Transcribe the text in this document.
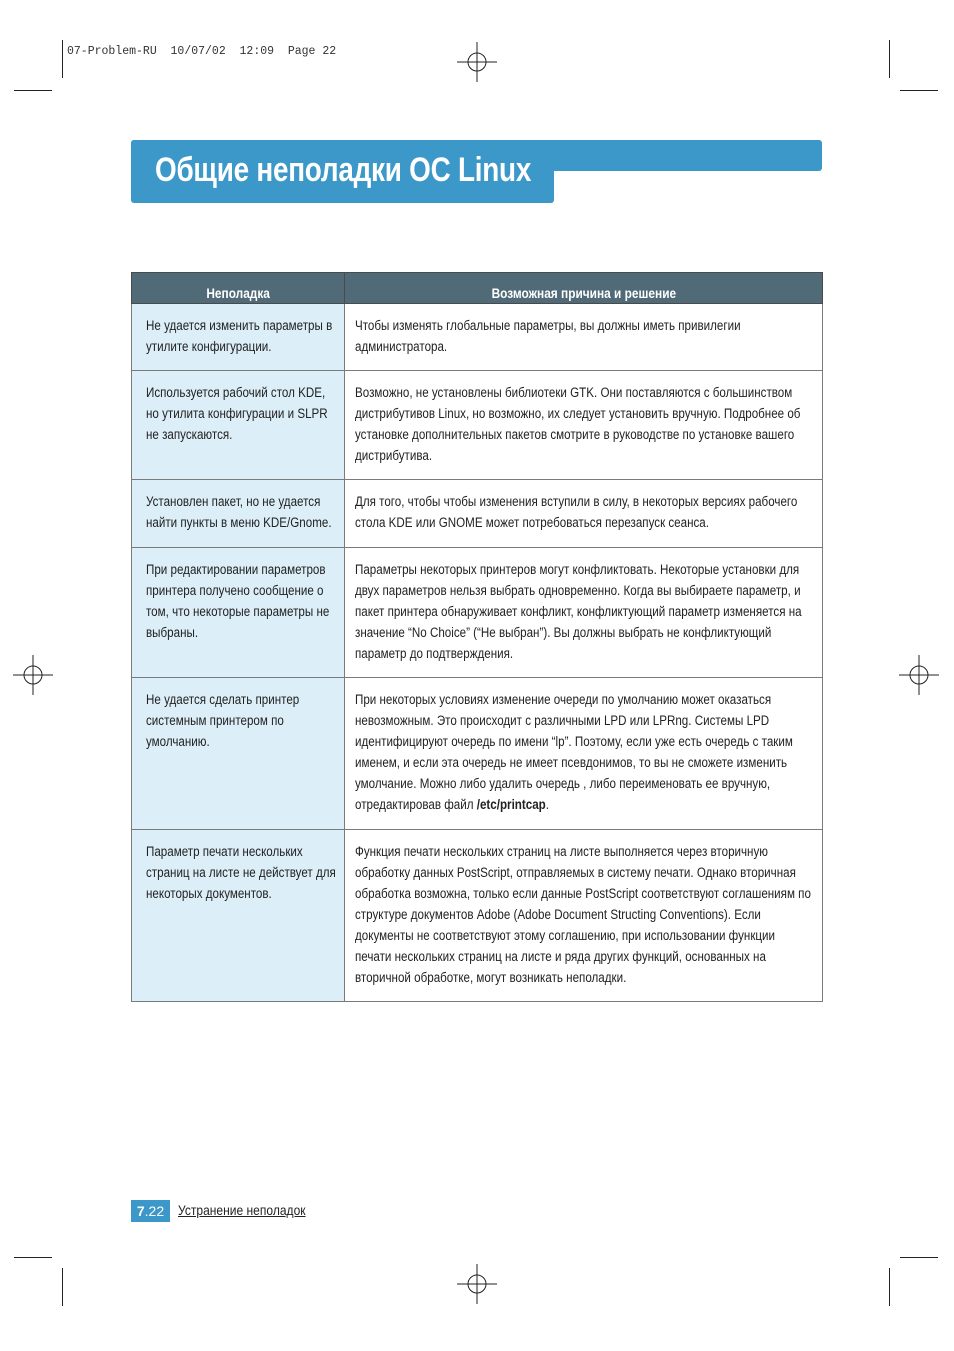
07-Problem-RU  10/07/02  12:09  Page 22
Общие неполадки ОС Linux
Неполадка	Возможная причина и решение

Не удается изменить параметры в утилите конфигурации.	Чтобы изменять глобальные параметры, вы должны иметь привилегии администратора.

Используется рабочий стол KDE, но утилита конфигурации и SLPR не запускаются.	Возможно, не установлены библиотеки GTK. Они поставляются с большинством дистрибутивов Linux, но возможно, их следует установить вручную. Подробнее об установке дополнительных пакетов смотрите в руководстве по установке вашего дистрибутива.

Установлен пакет, но не удается найти пункты в меню KDE/Gnome.	Для того, чтобы чтобы изменения вступили в силу, в некоторых версиях рабочего стола KDE или GNOME может потребоваться перезапуск сеанса.

При редактировании параметров принтера получено сообщение о том, что некоторые параметры не выбраны.	Параметры некоторых принтеров могут конфликтовать. Некоторые установки для двух параметров нельзя выбрать одновременно. Когда вы выбираете параметр, и пакет принтера обнаруживает конфликт, конфликтующий параметр изменяется на значение “No Choice” (“Не выбран”). Вы должны выбрать не конфликтующий параметр до подтверждения.

Не удается сделать принтер системным принтером по умолчанию.	При некоторых условиях изменение очереди по умолчанию может оказаться невозможным. Это происходит с различными LPD или LPRng. Системы LPD идентифицируют очередь по имени “lp”. Поэтому, если уже есть очередь с таким именем, и если эта очередь не имеет псевдонимов, то вы не сможете изменить умолчание. Можно либо удалить очередь , либо переименовать ее вручную, отредактировав файл /etc/printcap.

Параметр печати нескольких страниц на листе не действует для некоторых документов.	Функция печати нескольких страниц на листе выполняется через вторичную обработку данных PostScript, отправляемых в систему печати. Однако вторичная обработка возможна, только если данные PostScript соответствуют соглашениям по структуре документов Adobe (Adobe Document Structing Conventions). Если документы не соответствуют этому соглашению, при использовании функции печати нескольких страниц на листе и ряда других функций, основанных на вторичной обработке, могут возникать неполадки.
7.22 Устранение неполадок
